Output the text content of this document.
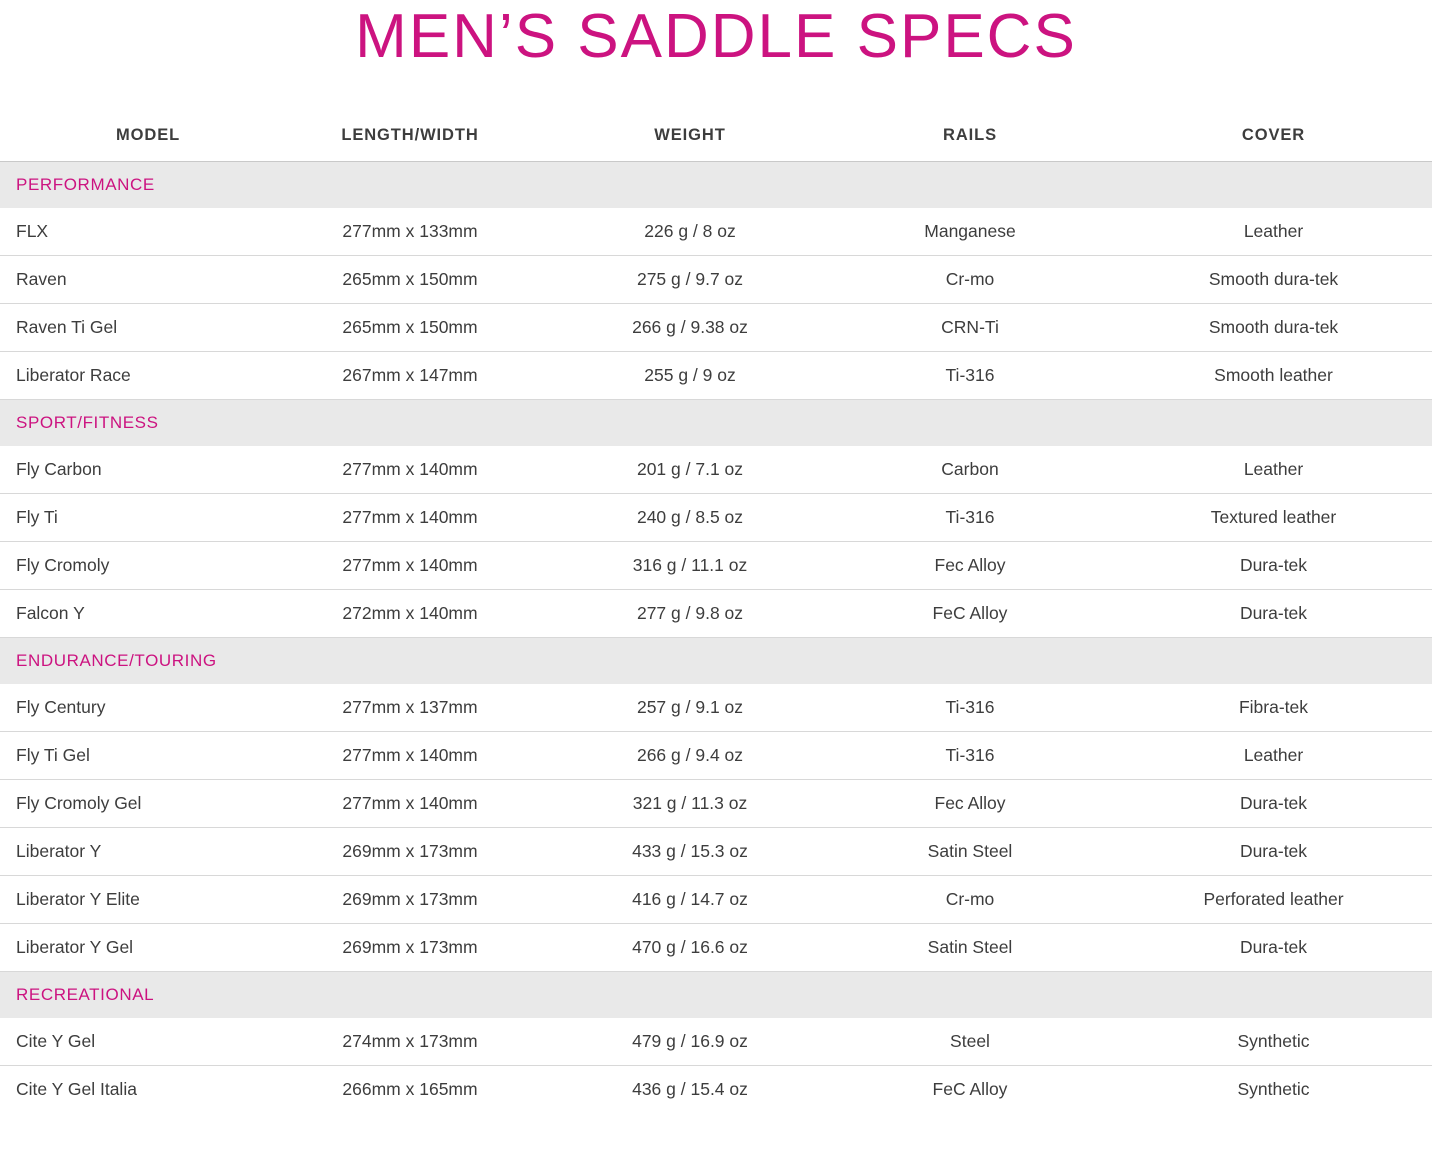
MEN’S SADDLE SPECS
MODEL	LENGTH/WIDTH	WEIGHT	RAILS	COVER
PERFORMANCE				
FLX	277mm x 133mm	226 g / 8 oz	Manganese	Leather
Raven	265mm x 150mm	275 g / 9.7 oz	Cr-mo	Smooth dura-tek
Raven Ti Gel	265mm x 150mm	266 g / 9.38 oz	CRN-Ti	Smooth dura-tek
Liberator Race	267mm x 147mm	255 g / 9 oz	Ti-316	Smooth leather
SPORT/FITNESS				
Fly Carbon	277mm x 140mm	201 g / 7.1 oz	Carbon	Leather
Fly Ti	277mm x 140mm	240 g / 8.5 oz	Ti-316	Textured leather
Fly Cromoly	277mm x 140mm	316 g / 11.1 oz	Fec Alloy	Dura-tek
Falcon Y	272mm x 140mm	277 g / 9.8 oz	FeC Alloy	Dura-tek
ENDURANCE/TOURING				
Fly Century	277mm x 137mm	257 g / 9.1 oz	Ti-316	Fibra-tek
Fly Ti Gel	277mm x 140mm	266 g / 9.4 oz	Ti-316	Leather
Fly Cromoly Gel	277mm x 140mm	321 g / 11.3 oz	Fec Alloy	Dura-tek
Liberator Y	269mm x 173mm	433 g / 15.3 oz	Satin Steel	Dura-tek
Liberator Y Elite	269mm x 173mm	416 g / 14.7 oz	Cr-mo	Perforated leather
Liberator Y Gel	269mm x 173mm	470 g / 16.6 oz	Satin Steel	Dura-tek
RECREATIONAL				
Cite Y Gel	274mm x 173mm	479 g / 16.9 oz	Steel	Synthetic
Cite Y Gel Italia	266mm x 165mm	436 g / 15.4 oz	FeC Alloy	Synthetic
